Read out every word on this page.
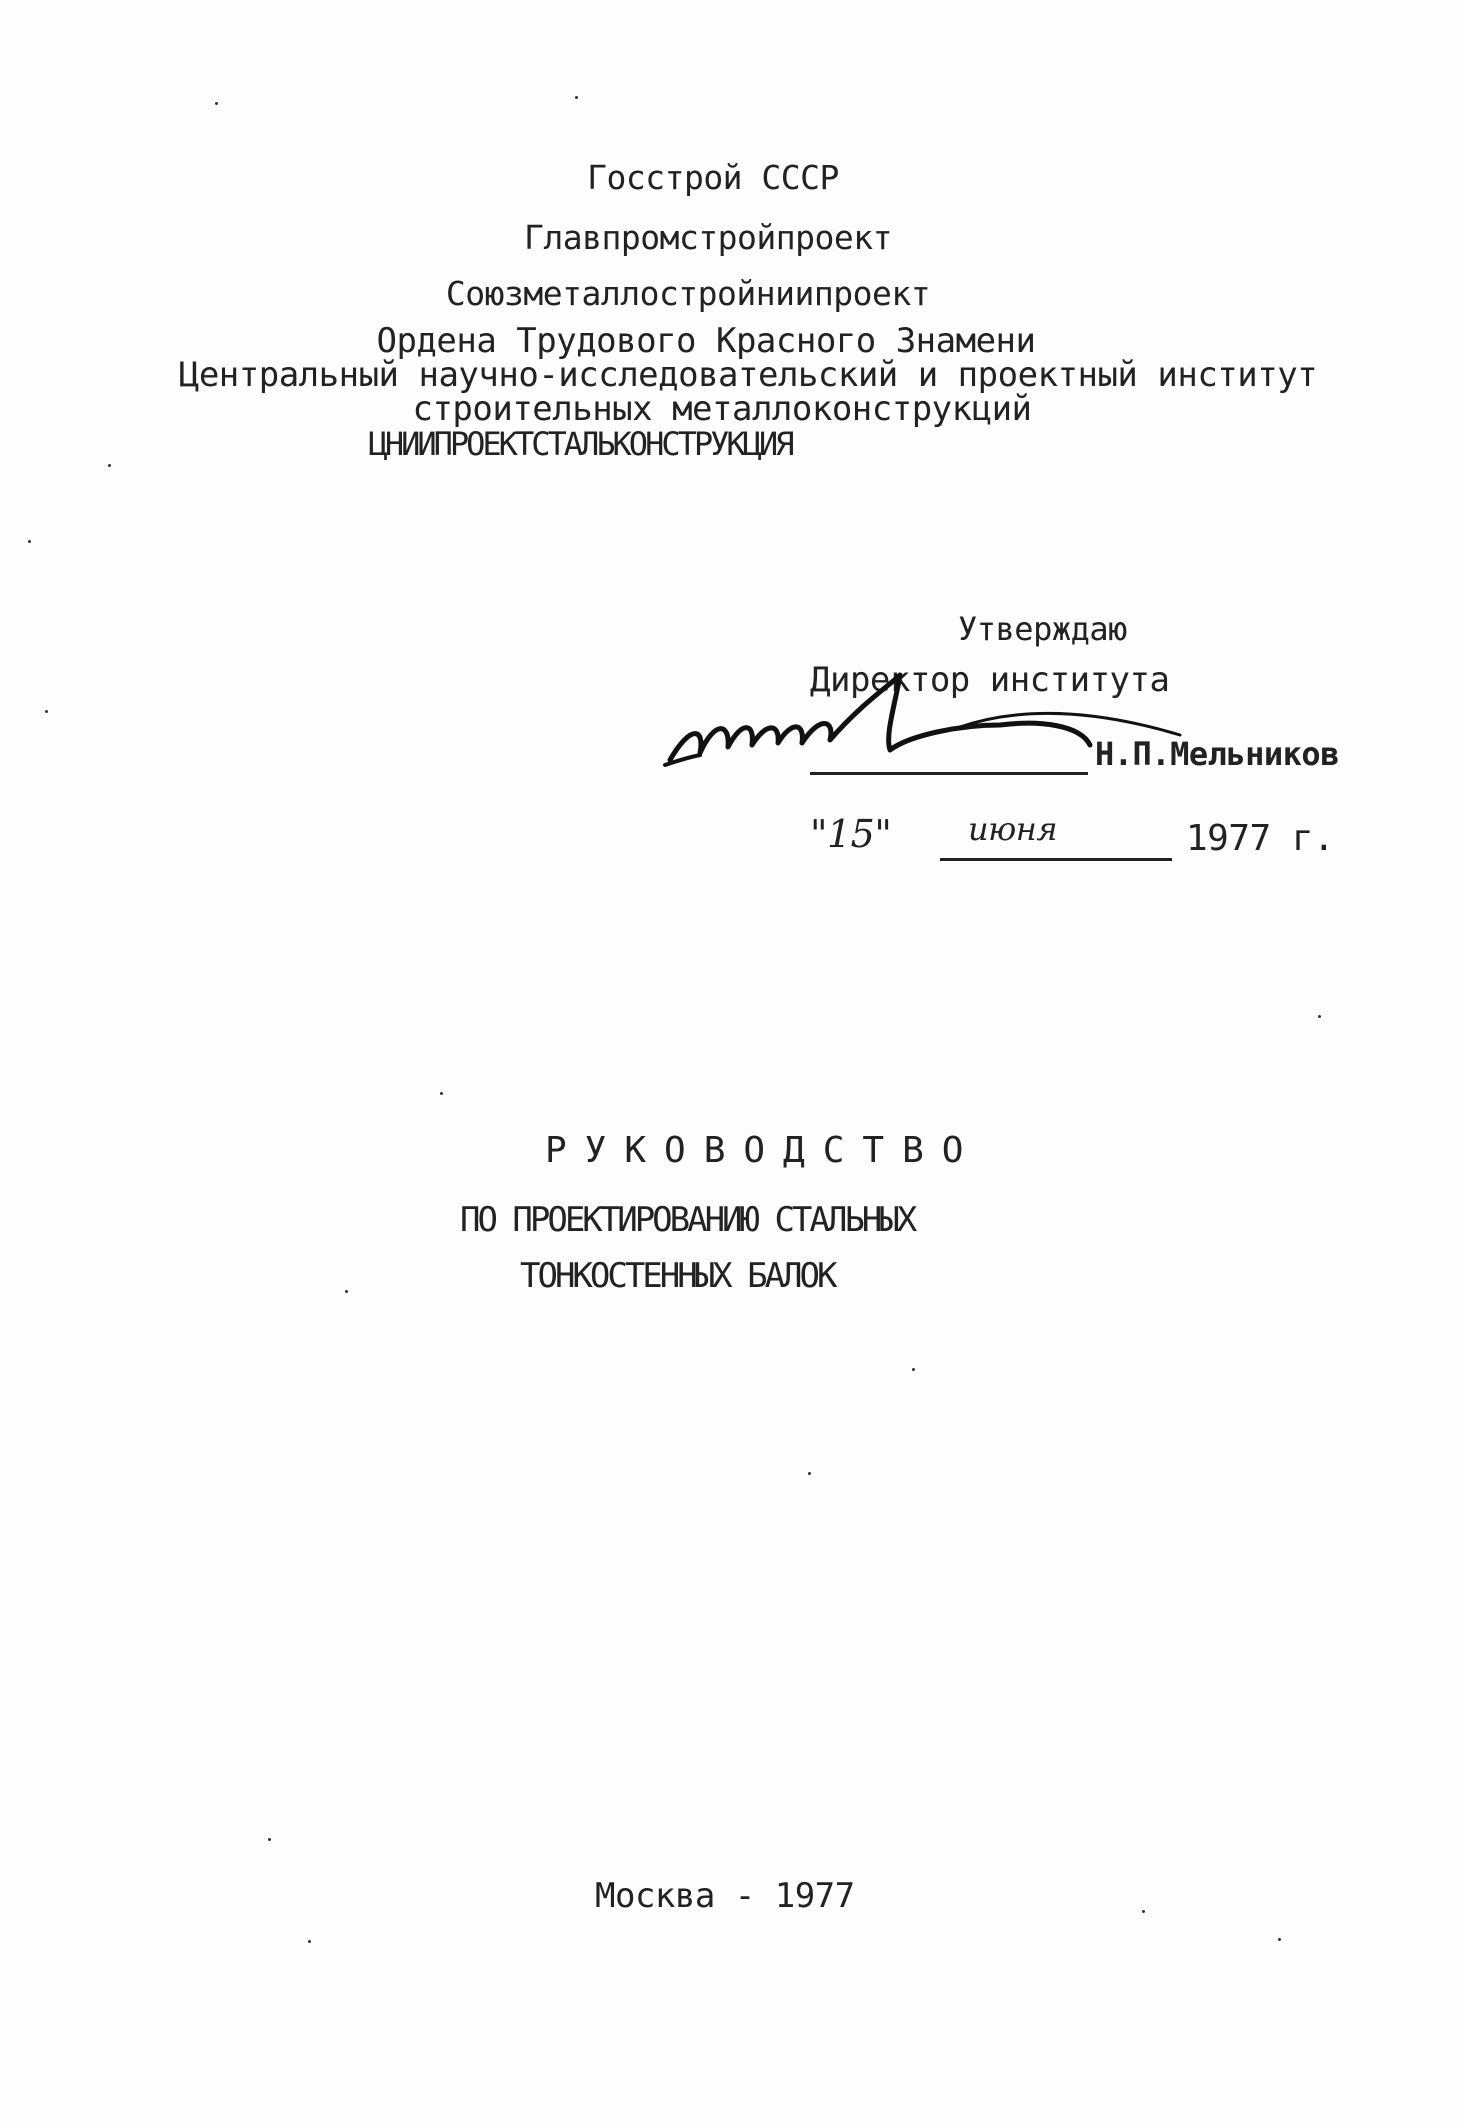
Госстрой СССР
Главпромстройпроект
Союзметаллостройниипроект
Ордена Трудового Красного Знамени
Центральный научно-исследовательский и проектный институт
строительных металлоконструкций
ЦНИИПРОЕКТСТАЛЬКОНСТРУКЦИЯ
Утверждаю
Директор института
Н.П.Мельников
"15" июня	1977 г.
РУКОВОДСТВО
ПО ПРОЕКТИРОВАНИЮ СТАЛЬНЫХ
ТОНКОСТЕННЫХ БАЛОК
Москва - 1977
